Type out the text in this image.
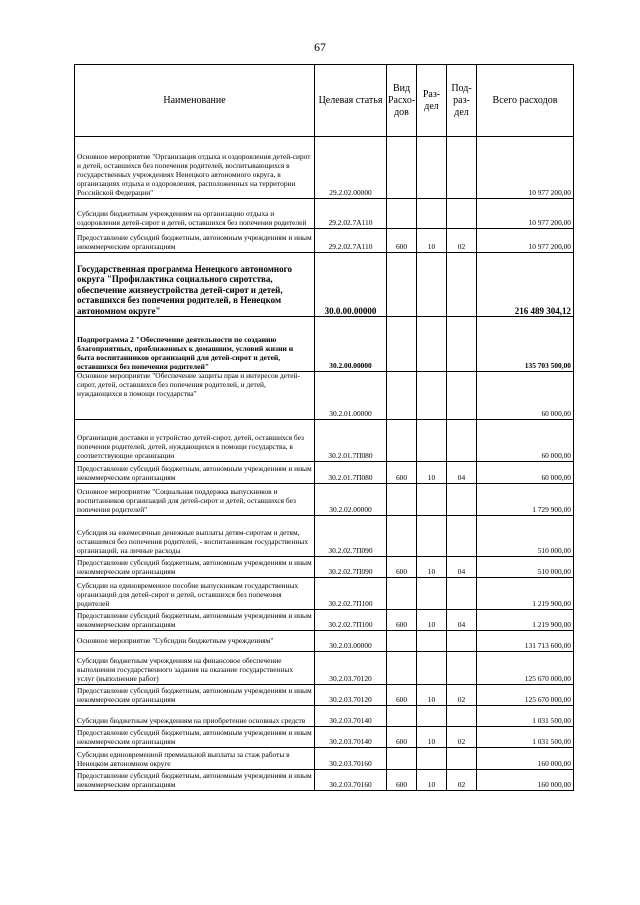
67
Наименование	Целевая статья	Вид Расхо-дов	Раз-дел	Под-раз-дел	Всего расходов
Основное мероприятие "Организация отдыха и оздоровления детей-сирот и детей, оставшихся без попечения родителей, воспитывающихся в государственных учреждениях Ненецкого автономного округа, в организациях отдыха и оздоровления, расположенных на территории Российской Федерации"	29.2.02.00000				10 977 200,00
Субсидии бюджетным учреждениям на организацию отдыха и оздоровления детей-сирот и детей, оставшихся без попечения родителей	29.2.02.7А110				10 977 200,00
Предоставление субсидий бюджетным, автономным учреждениям и иным некоммерческим организациям	29.2.02.7А110	600	10	02	10 977 200,00
Государственная программа Ненецкого автономного округа "Профилактика социального сиротства, обеспечение жизнеустройства детей-сирот и детей, оставшихся без попечения родителей, в Ненецком автономном округе"	30.0.00.00000				216 489 304,12
Подпрограмма 2 "Обеспечение деятельности по созданию благоприятных, приближенных к домашним, условий жизни и быта воспитанников организаций для детей-сирот и детей, оставшихся без попечения родителей"	30.2.00.00000				135 703 500,00
Основное мероприятие "Обеспечение защиты прав и интересов детей-сирот, детей, оставшихся без попечения родителей, и детей, нуждающихся в помощи государства"	30.2.01.00000				60 000,00
Организация доставки и устройство детей-сирот, детей, оставшихся без попечения родителей, детей, нуждающихся в помощи государства, в соответствующие организации	30.2.01.7П080				60 000,00
Предоставление субсидий бюджетным, автономным учреждениям и иным некоммерческим организациям	30.2.01.7П080	600	10	04	60 000,00
Основное мероприятие "Социальная поддержка выпускников и воспитанников организаций для детей-сирот и детей, оставшихся без попечения родителей"	30.2.02.00000				1 729 900,00
Субсидия на ежемесячные денежные выплаты детям-сиротам и детям, оставшимся без попечения родителей, - воспитанникам государственных организаций, на личные расходы	30.2.02.7П090				510 000,00
Предоставление субсидий бюджетным, автономным учреждениям и иным некоммерческим организациям	30.2.02.7П090	600	10	04	510 000,00
Субсидии на единовременное пособие выпускникам государственных организаций для детей-сирот и детей, оставшихся без попечения родителей	30.2.02.7П100				1 219 900,00
Предоставление субсидий бюджетным, автономным учреждениям и иным некоммерческим организациям	30.2.02.7П100	600	10	04	1 219 900,00
Основное мероприятие "Субсидии бюджетным учреждениям"	30.2.03.00000				131 713 600,00
Субсидии бюджетным учреждениям на финансовое обеспечение выполнения государственного задания на оказание государственных услуг (выполнение работ)	30.2.03.70120				125 670 000,00
Предоставление субсидий бюджетным, автономным учреждениям и иным некоммерческим организациям	30.2.03.70120	600	10	02	125 670 000,00
Субсидии бюджетным учреждениям на приобретение основных средств	30.2.03.70140				1 031 500,00
Предоставление субсидий бюджетным, автономным учреждениям и иным некоммерческим организациям	30.2.03.70140	600	10	02	1 031 500,00
Субсидии единовременной премиальной выплаты за стаж работы в Ненецком автономном округе	30.2.03.70160				160 000,00
Предоставление субсидий бюджетным, автономным учреждениям и иным некоммерческим организациям	30.2.03.70160	600	10	02	160 000,00
